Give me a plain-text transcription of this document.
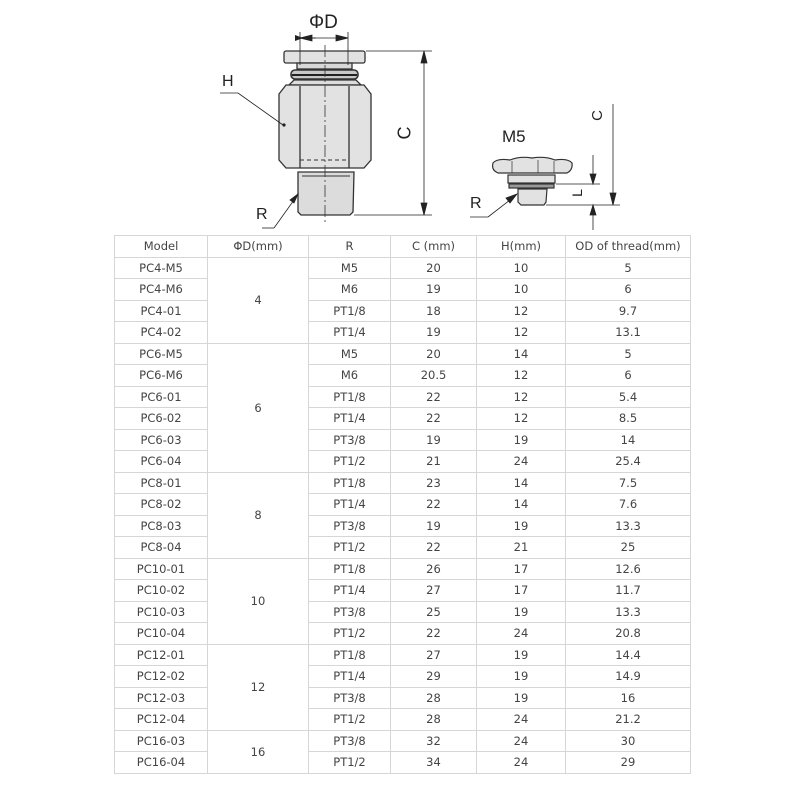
ΦD
H
R
C	M5
R
C
L
Model	ΦD(mm)	R	C (mm)	H(mm)	OD of thread(mm)
PC4-M5	4	M5	20	10	5
PC4-M6		M6	19	10	6
PC4-01		PT1/8	18	12	9.7
PC4-02		PT1/4	19	12	13.1
PC6-M5	6	M5	20	14	5
PC6-M6		M6	20.5	12	6
PC6-01		PT1/8	22	12	5.4
PC6-02		PT1/4	22	12	8.5
PC6-03		PT3/8	19	19	14
PC6-04		PT1/2	21	24	25.4
PC8-01	8	PT1/8	23	14	7.5
PC8-02		PT1/4	22	14	7.6
PC8-03		PT3/8	19	19	13.3
PC8-04		PT1/2	22	21	25
PC10-01	10	PT1/8	26	17	12.6
PC10-02		PT1/4	27	17	11.7
PC10-03		PT3/8	25	19	13.3
PC10-04		PT1/2	22	24	20.8
PC12-01	12	PT1/8	27	19	14.4
PC12-02		PT1/4	29	19	14.9
PC12-03		PT3/8	28	19	16
PC12-04		PT1/2	28	24	21.2
PC16-03	16	PT3/8	32	24	30
PC16-04		PT1/2	34	24	29
